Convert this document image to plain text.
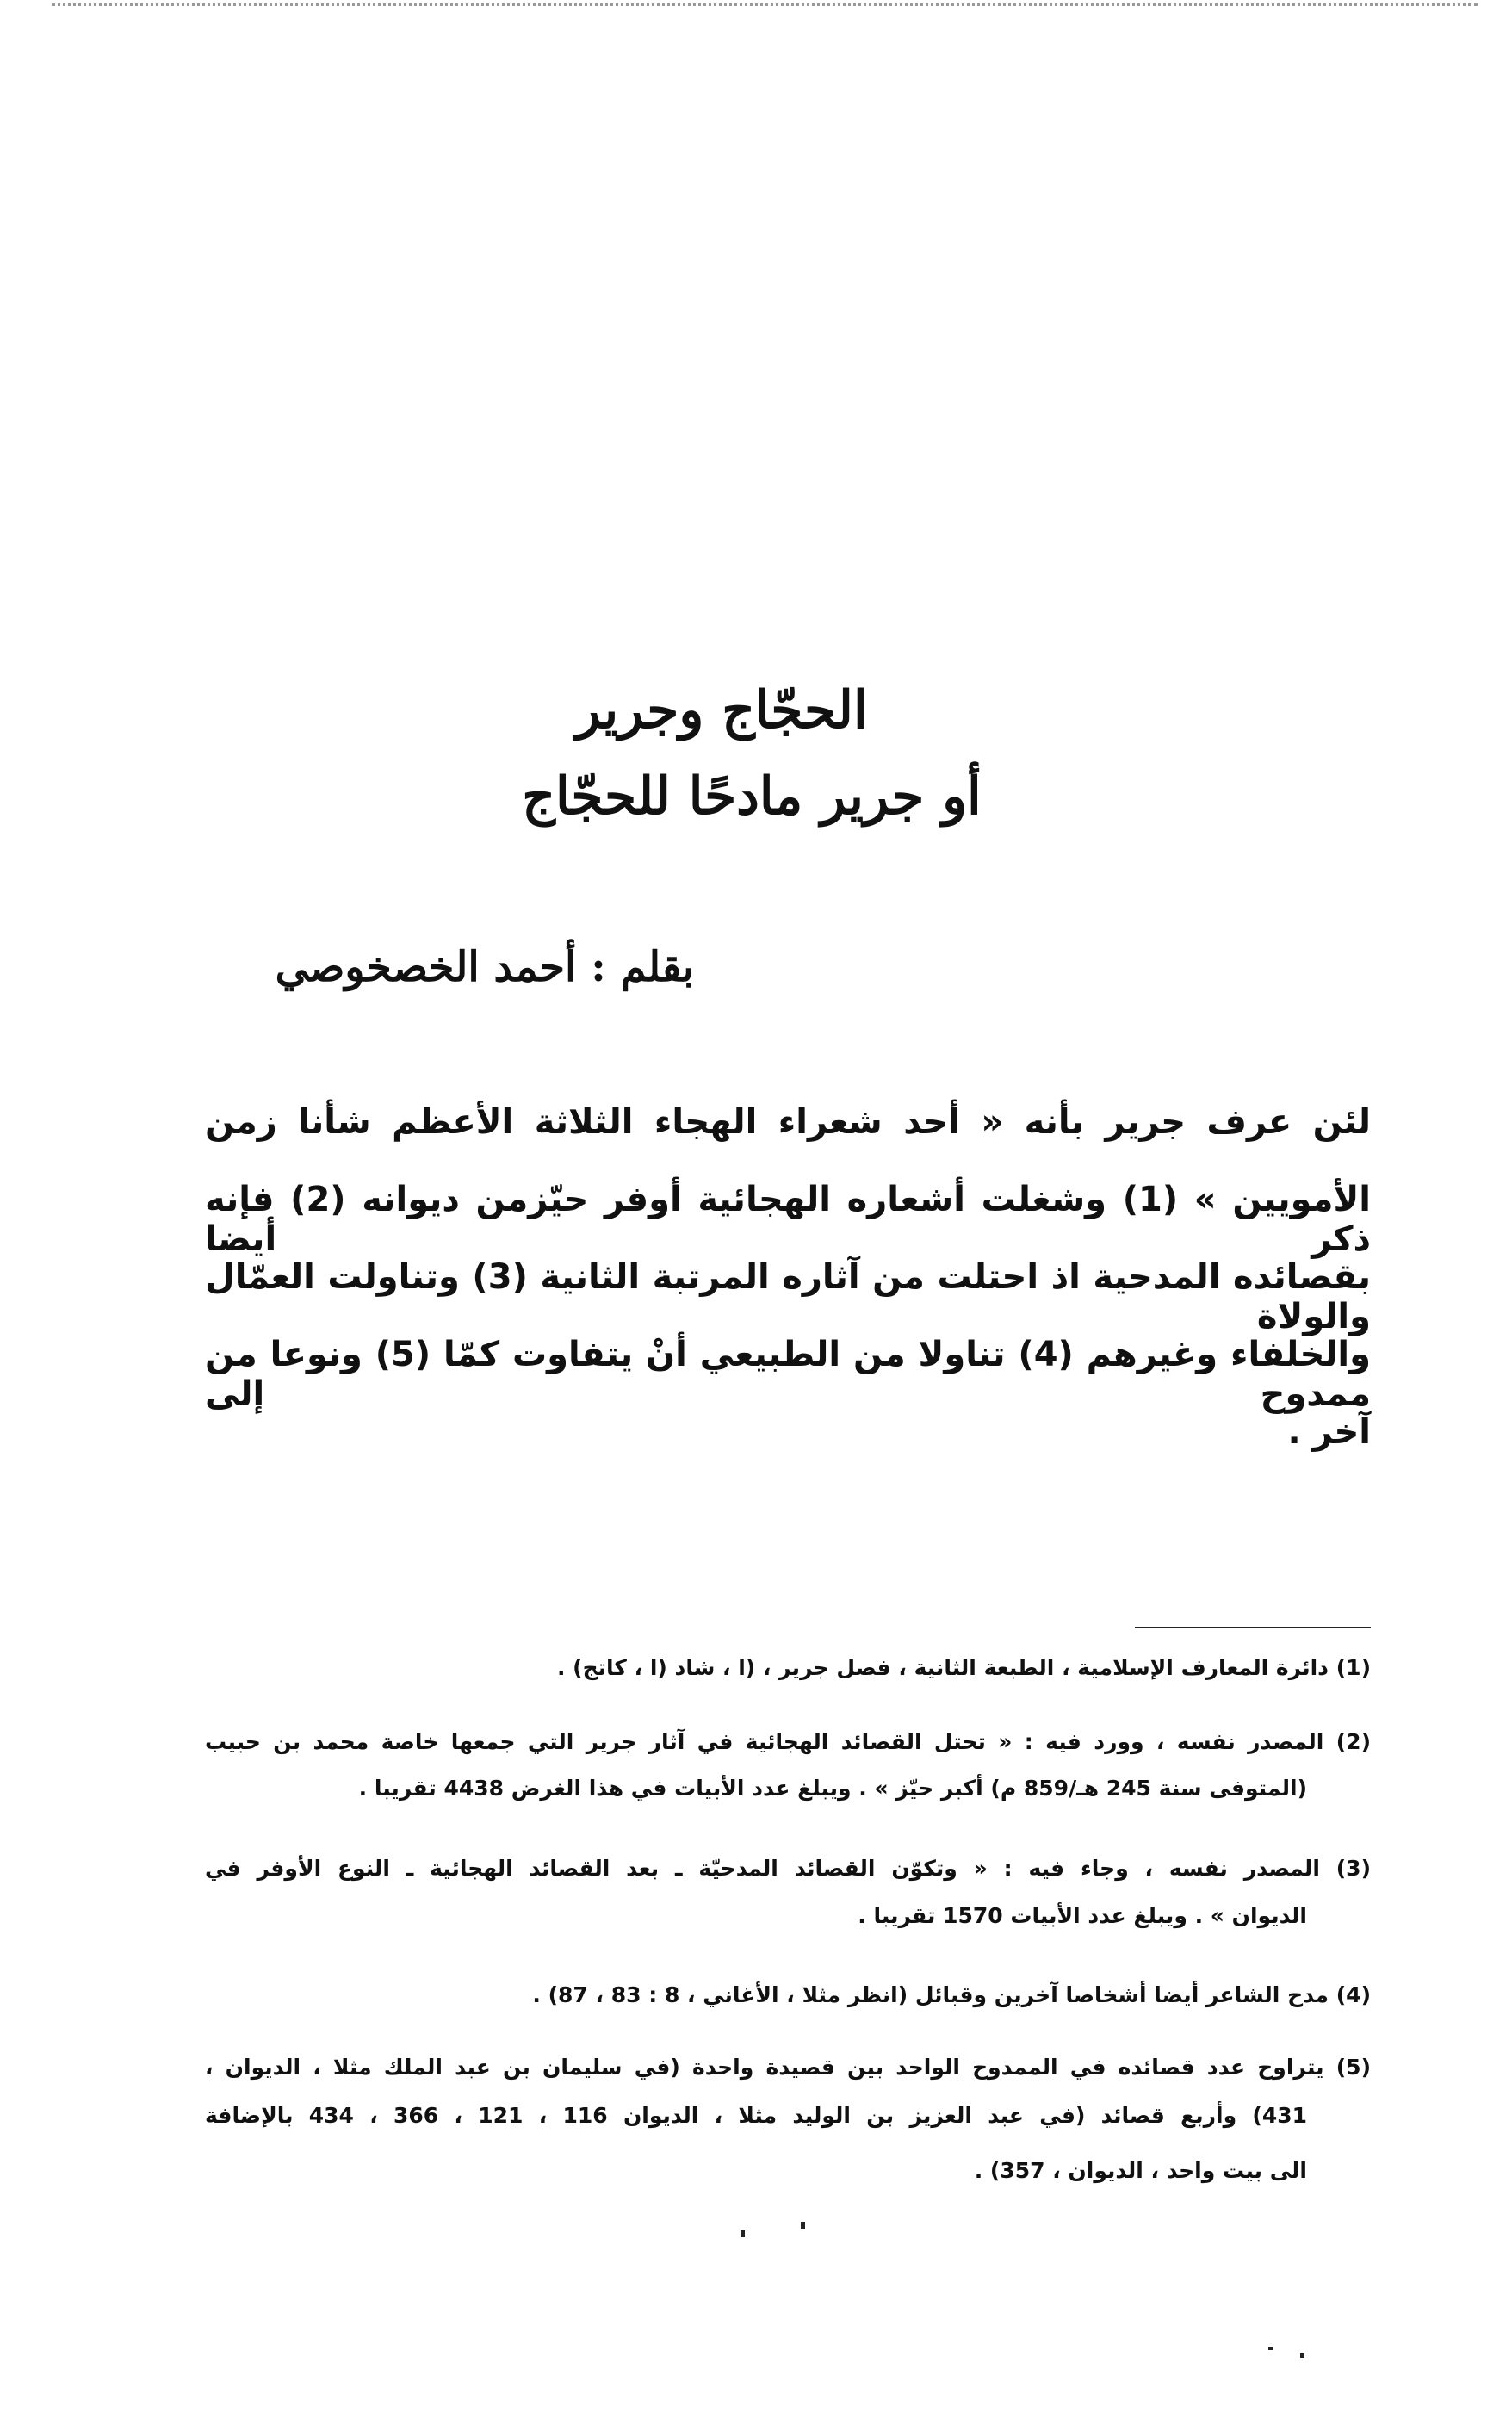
الحجّاج وجرير
أو جرير مادحًا للحجّاج
بقلم : أحمد الخصخوصي
لئن عرف جرير بأنه « أحد شعراء الهجاء الثلاثة الأعظم شأنا زمن
الأمويين » (1) وشغلت أشعاره الهجائية أوفر حيّزمن ديوانه (2) فإنه ذكر أيضا
بقصائده المدحية اذ احتلت من آثاره المرتبة الثانية (3) وتناولت العمّال والولاة
والخلفاء وغيرهم (4) تناولا من الطبيعي أنْ يتفاوت كمّا (5) ونوعا من ممدوح إلى
آخر .
(1) دائرة المعارف الإسلامية ، الطبعة الثانية ، فصل جرير ، (ا ، شاد (ا ، كاتج) .
(2) المصدر نفسه ، وورد فيه : « تحتل القصائد الهجائية في آثار جرير التي جمعها خاصة محمد بن حبيب
(المتوفى سنة 245 هـ/859 م) أكبر حيّز » . ويبلغ عدد الأبيات في هذا الغرض 4438 تقريبا .
(3) المصدر نفسه ، وجاء فيه : « وتكوّن القصائد المدحيّة ـ بعد القصائد الهجائية ـ النوع الأوفر في
الديوان » . ويبلغ عدد الأبيات 1570 تقريبا .
(4) مدح الشاعر أيضا أشخاصا آخرين وقبائل (انظر مثلا ، الأغاني ، 8 : 83 ، 87) .
(5) يتراوح عدد قصائده في الممدوح الواحد بين قصيدة واحدة (في سليمان بن عبد الملك مثلا ، الديوان ،
431) وأربع قصائد (في عبد العزيز بن الوليد مثلا ، الديوان 116 ، 121 ، 366 ، 434 بالإضافة
الى بيت واحد ، الديوان ، 357) .
